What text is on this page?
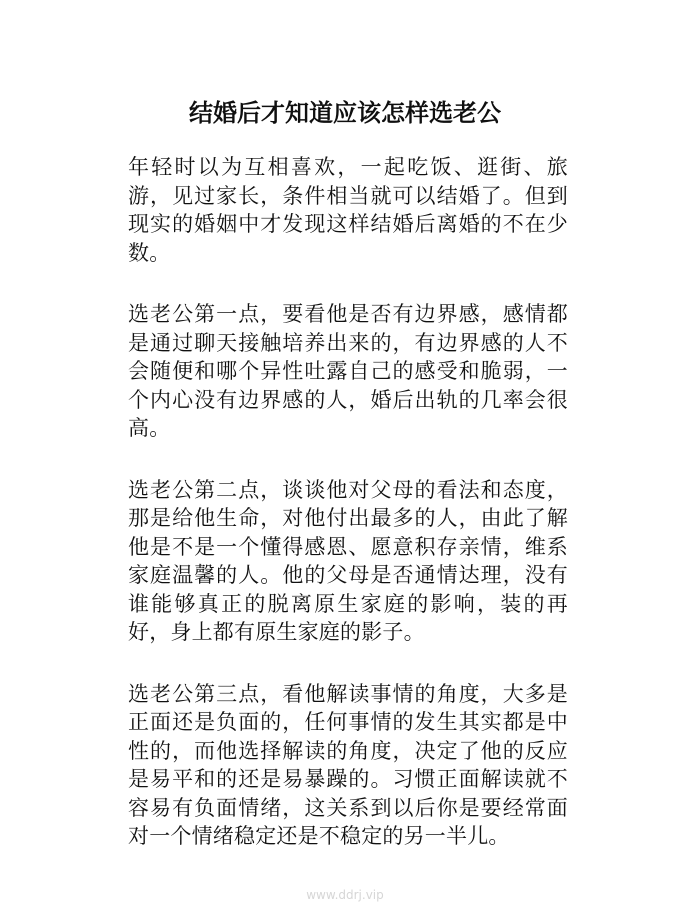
结婚后才知道应该怎样选老公

年轻时以为互相喜欢，一起吃饭、逛街、旅游，见过家长，条件相当就可以结婚了。但到现实的婚姻中才发现这样结婚后离婚的不在少数。

选老公第一点，要看他是否有边界感，感情都是通过聊天接触培养出来的，有边界感的人不会随便和哪个异性吐露自己的感受和脆弱，一个内心没有边界感的人，婚后出轨的几率会很高。

选老公第二点，谈谈他对父母的看法和态度，那是给他生命，对他付出最多的人，由此了解他是不是一个懂得感恩、愿意积存亲情，维系家庭温馨的人。他的父母是否通情达理，没有谁能够真正的脱离原生家庭的影响，装的再好，身上都有原生家庭的影子。

选老公第三点，看他解读事情的角度，大多是正面还是负面的，任何事情的发生其实都是中性的，而他选择解读的角度，决定了他的反应是易平和的还是易暴躁的。习惯正面解读就不容易有负面情绪，这关系到以后你是要经常面对一个情绪稳定还是不稳定的另一半儿。

www.ddrj.vip
